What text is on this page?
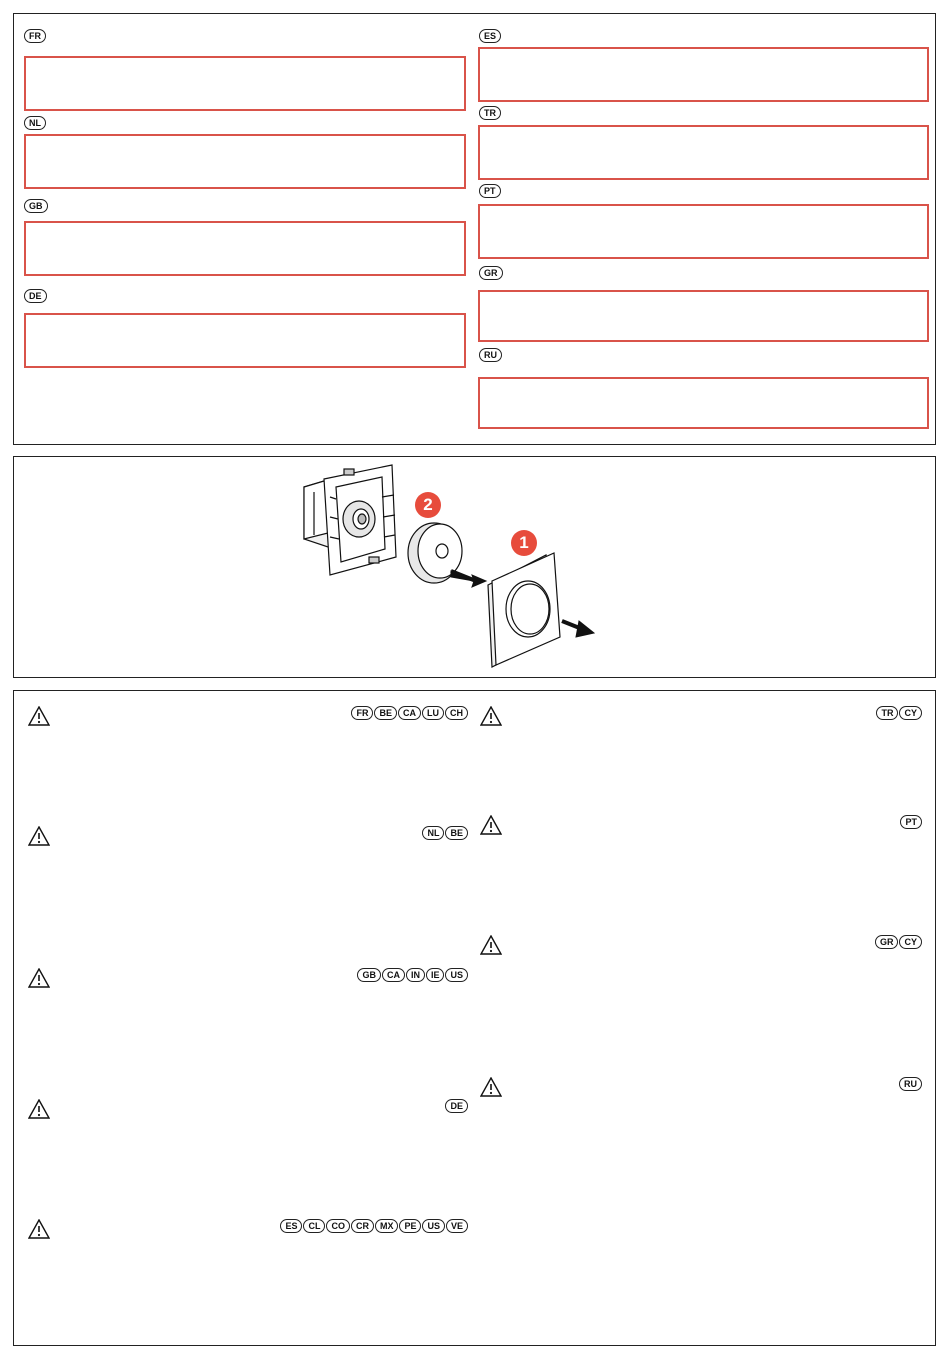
FR
NL
GB
DE
ES
TR
PT
GR
RU
2
1
FR	BE	CA	LU	CH
NL	BE
GB	CA	IN	IE	US
DE
ES	CL	CO	CR	MX	PE	US	VE
TR	CY
PT
GR	CY
RU
